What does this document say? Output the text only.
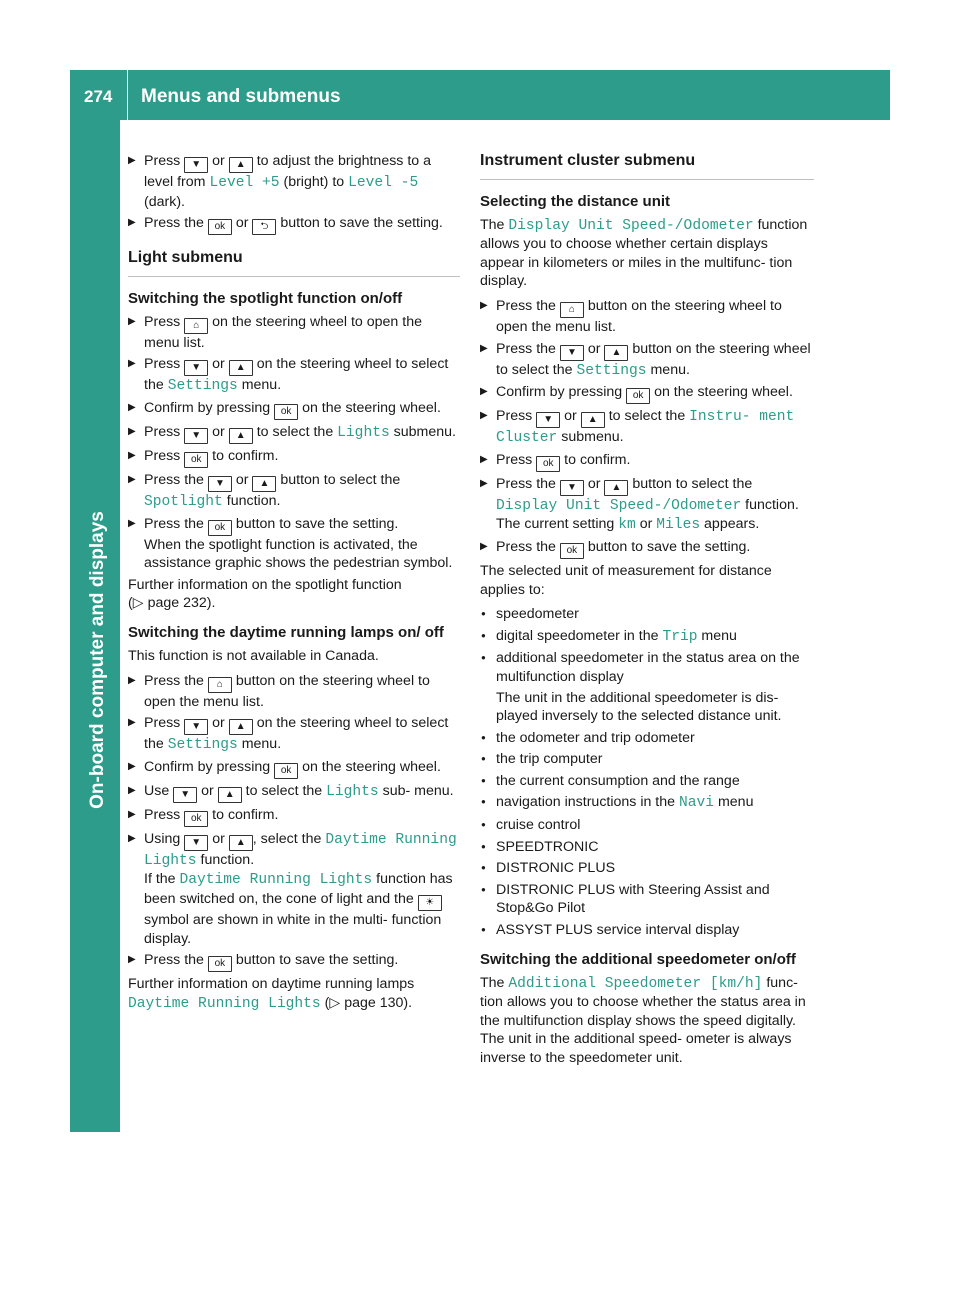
274 Menus and submenus
On-board computer and displays

▶ Press ▼ or ▲ to adjust the brightness to a level from Level +5 (bright) to Level -5 (dark).

▶ Press the ok or ⮌ button to save the setting.

Light submenu
Switching the spotlight function on/off

▶ Press ⌂ on the steering wheel to open the menu list.

▶ Press ▼ or ▲ on the steering wheel to select the Settings menu.

▶ Confirm by pressing ok on the steering wheel.

▶ Press ▼ or ▲ to select the Lights submenu.

▶ Press ok to confirm.

▶ Press the ▼ or ▲ button to select the Spotlight function.

▶ Press the ok button to save the setting.
When the spotlight function is activated, the assistance graphic shows the pedestrian symbol.

Further information on the spotlight function (▷ page 232).

Switching the daytime running lamps on/ off

This function is not available in Canada.

▶ Press the ⌂ button on the steering wheel to open the menu list.

▶ Press ▼ or ▲ on the steering wheel to select the Settings menu.

▶ Confirm by pressing ok on the steering wheel.

▶ Use ▼ or ▲ to select the Lights sub- menu.

▶ Press ok to confirm.

▶ Using ▼ or ▲ , select the Daytime Running Lights function.
If the Daytime Running Lights function has been switched on, the cone of light and the ☀ symbol are shown in white in the multi- function display.

▶ Press the ok button to save the setting.

Further information on daytime running lamps Daytime Running Lights (▷ page 130).

Instrument cluster submenu
Selecting the distance unit

The Display Unit Speed-/Odometer function allows you to choose whether certain displays appear in kilometers or miles in the multifunc- tion display.

▶ Press the ⌂ button on the steering wheel to open the menu list.

▶ Press the ▼ or ▲ button on the steering wheel to select the Settings menu.

▶ Confirm by pressing ok on the steering wheel.

▶ Press ▼ or ▲ to select the Instru- ment Cluster submenu.

▶ Press ok to confirm.

▶ Press the ▼ or ▲ button to select the Display Unit Speed-/Odometer function.
The current setting km or Miles appears.

▶ Press the ok button to save the setting.

The selected unit of measurement for distance applies to:

● speedometer

● digital speedometer in the Trip menu

● additional speedometer in the status area on the multifunction display
The unit in the additional speedometer is dis- played inversely to the selected distance unit.

● the odometer and trip odometer

● the trip computer

● the current consumption and the range

● navigation instructions in the Navi menu

● cruise control

● SPEEDTRONIC

● DISTRONIC PLUS

● DISTRONIC PLUS with Steering Assist and Stop&Go Pilot

● ASSYST PLUS service interval display

Switching the additional speedometer on/off

The Additional Speedometer [km/h] func- tion allows you to choose whether the status area in the multifunction display shows the speed digitally. The unit in the additional speed- ometer is always inverse to the speedometer unit.
